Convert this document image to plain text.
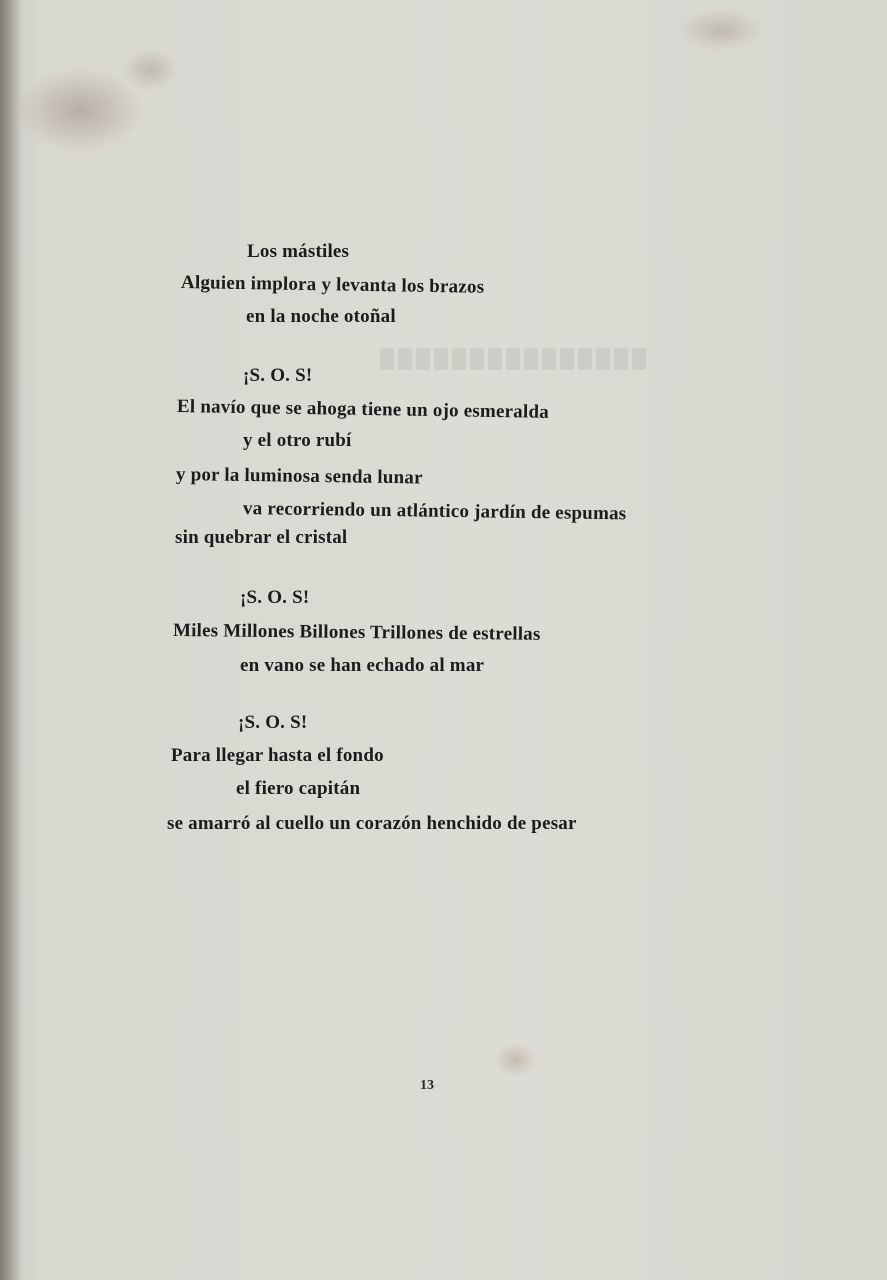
Los mástiles
Alguien implora y levanta los brazos
en la noche otoñal
¡S. O. S!
El navío que se ahoga tiene un ojo esmeralda
y el otro rubí
y por la luminosa senda lunar
va recorriendo un atlántico jardín de espumas
sin quebrar el cristal
¡S. O. S!
Miles Millones Billones Trillones de estrellas
en vano se han echado al mar
¡S. O. S!
Para llegar hasta el fondo
el fiero capitán
se amarró al cuello un corazón henchido de pesar
13
